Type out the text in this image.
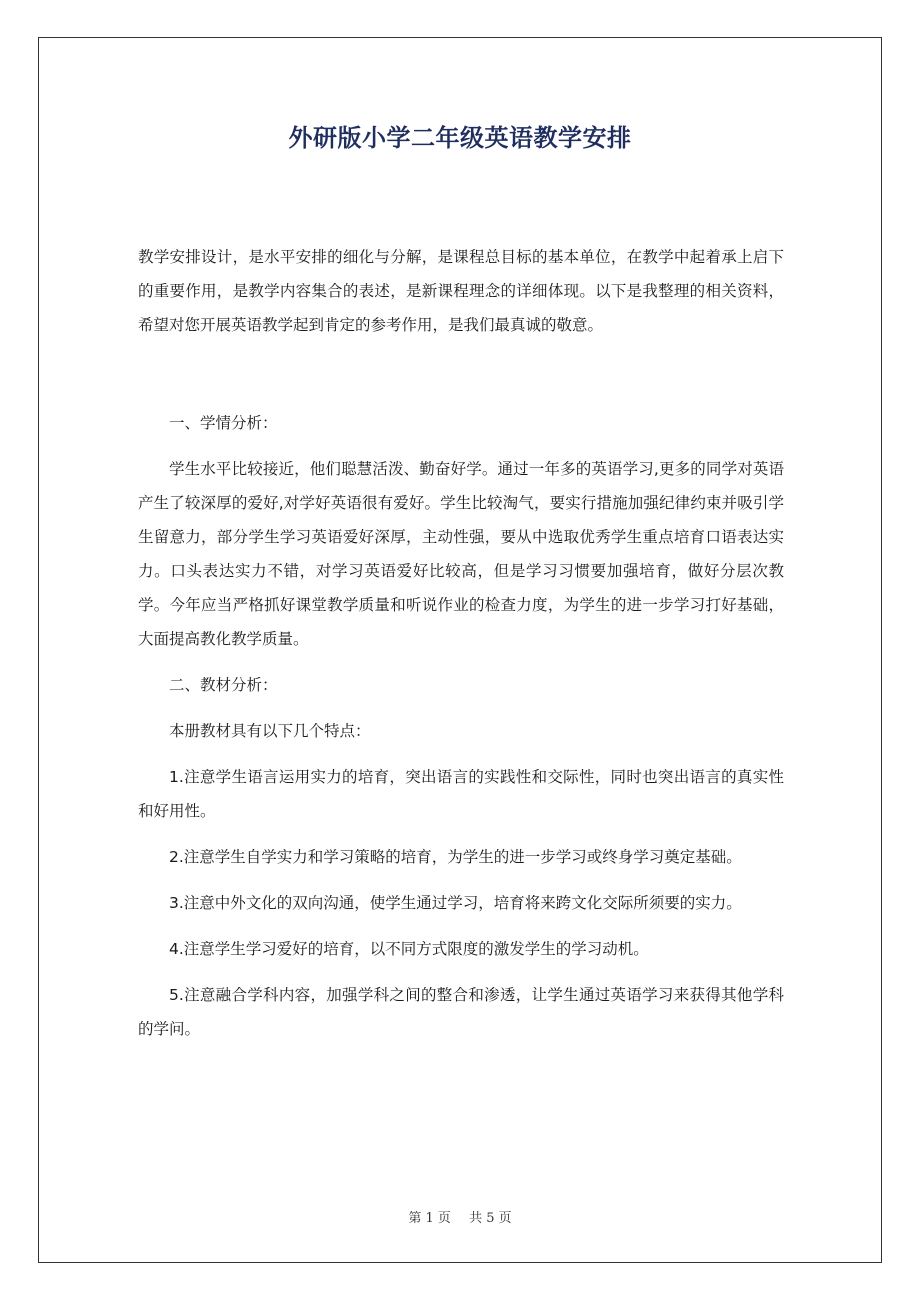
外研版小学二年级英语教学安排

教学安排设计，是水平安排的细化与分解，是课程总目标的基本单位，在教学中起着承上启下的重要作用，是教学内容集合的表述，是新课程理念的详细体现。以下是我整理的相关资料，希望对您开展英语教学起到肯定的参考作用，是我们最真诚的敬意。

一、学情分析：

学生水平比较接近，他们聪慧活泼、勤奋好学。通过一年多的英语学习,更多的同学对英语产生了较深厚的爱好,对学好英语很有爱好。学生比较淘气，要实行措施加强纪律约束并吸引学生留意力，部分学生学习英语爱好深厚，主动性强，要从中选取优秀学生重点培育口语表达实力。口头表达实力不错，对学习英语爱好比较高，但是学习习惯要加强培育，做好分层次教学。今年应当严格抓好课堂教学质量和听说作业的检查力度，为学生的进一步学习打好基础，大面提高教化教学质量。

二、教材分析：

本册教材具有以下几个特点：

1.注意学生语言运用实力的培育，突出语言的实践性和交际性，同时也突出语言的真实性和好用性。

2.注意学生自学实力和学习策略的培育，为学生的进一步学习或终身学习奠定基础。

3.注意中外文化的双向沟通，使学生通过学习，培育将来跨文化交际所须要的实力。

4.注意学生学习爱好的培育，以不同方式限度的激发学生的学习动机。

5.注意融合学科内容，加强学科之间的整合和渗透，让学生通过英语学习来获得其他学科的学问。

第 1 页 共 5 页
